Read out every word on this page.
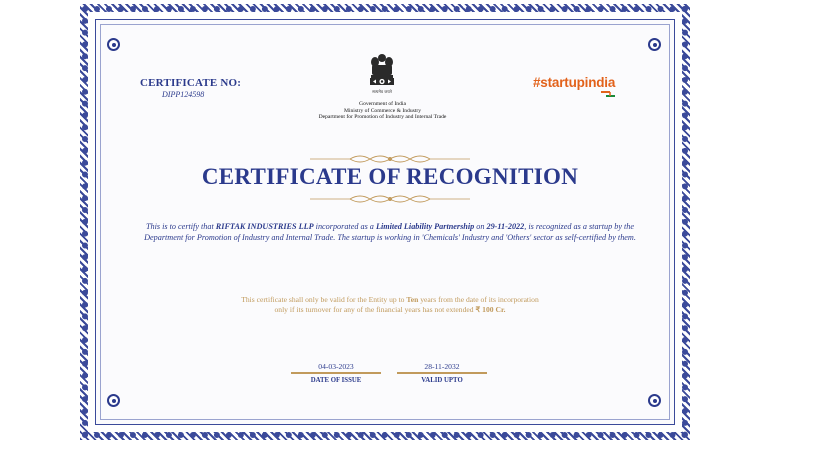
CERTIFICATE NO:
DIPP124598	सत्यमेव जयते
Government of India
Ministry of Commerce & Industry
Department for Promotion of Industry and Internal Trade
#startupindia
CERTIFICATE OF RECOGNITION
This is to certify that RIFTAK INDUSTRIES LLP incorporated as a Limited Liability Partnership on 29-11-2022, is recognized as a startup by the Department for Promotion of Industry and Internal Trade. The startup is working in 'Chemicals' Industry and 'Others' sector as self-certified by them.
This certificate shall only be valid for the Entity up to Ten years from the date of its incorporation
only if its turnover for any of the financial years has not extended ₹ 100 Cr.
04-03-2023
DATE OF ISSUE
28-11-2032
VALID UPTO
